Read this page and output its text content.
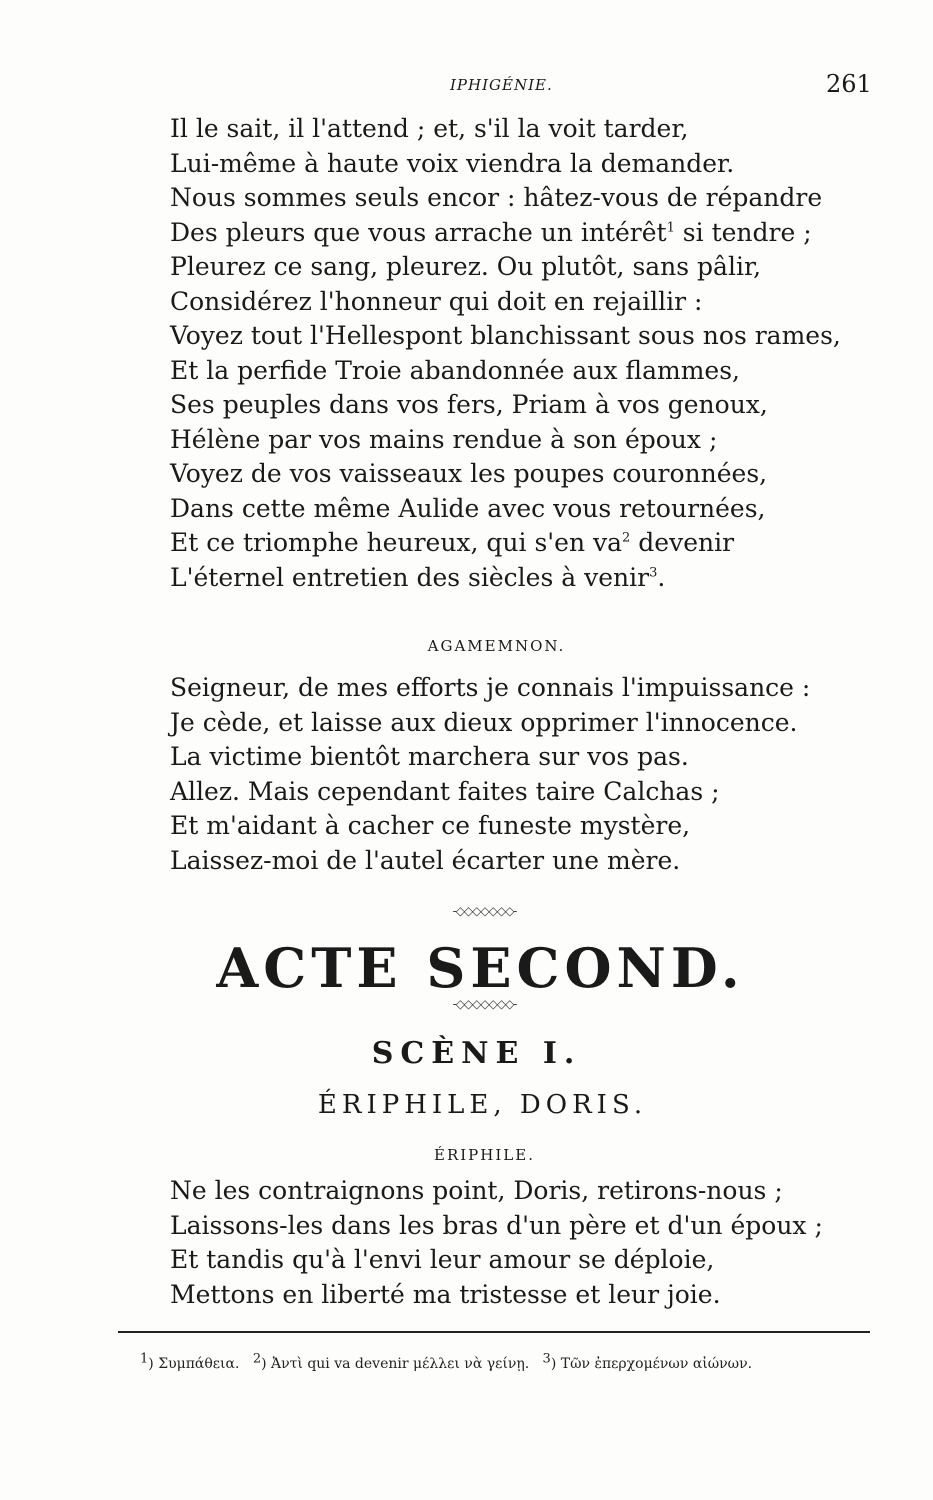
IPHIGÉNIE.	261
Il le sait, il l'attend ; et, s'il la voit tarder,
Lui-même à haute voix viendra la demander.
Nous sommes seuls encor : hâtez-vous de répandre
Des pleurs que vous arrache un intérêt$^1$ si tendre ;
Pleurez ce sang, pleurez. Ou plutôt, sans pâlir,
Considérez l'honneur qui doit en rejaillir :
Voyez tout l'Hellespont blanchissant sous nos rames,
Et la perfide Troie abandonnée aux flammes,
Ses peuples dans vos fers, Priam à vos genoux,
Hélène par vos mains rendue à son époux ;
Voyez de vos vaisseaux les poupes couronnées,
Dans cette même Aulide avec vous retournées,
Et ce triomphe heureux, qui s'en $va^2$ devenir
L'éternel entretien des siècles à venir$^3$.
AGAMEMNON.
Seigneur, de mes efforts je connais l'impuissance :
Je cède, et laisse aux dieux opprimer l'innocence.
La victime bientôt marchera sur vos pas.
Allez. Mais cependant faites taire Calchas ;
Et m'aidant à cacher ce funeste mystère,
Laissez-moi de l'autel écarter une mère.
-◇◇◇◇◇◇◇-
ACTE SECOND.
-◇◇◇◇◇◇◇-
SCÈNE I.
ÉRIPHILE, DORIS.
ÉRIPHILE.
Ne les contraignons point, Doris, retirons-nous ;
Laissons-les dans les bras d'un père et d'un époux ;
Et tandis qu'à l'envi leur amour se déploie,
Mettons en liberté ma tristesse et leur joie.
$^1$) Συμπάθεια. $^2$) Ἀντὶ qui va devenir μέλλει νὰ γείνῃ. $^3$) Τῶν ἐπερχομένων αἰώνων.
